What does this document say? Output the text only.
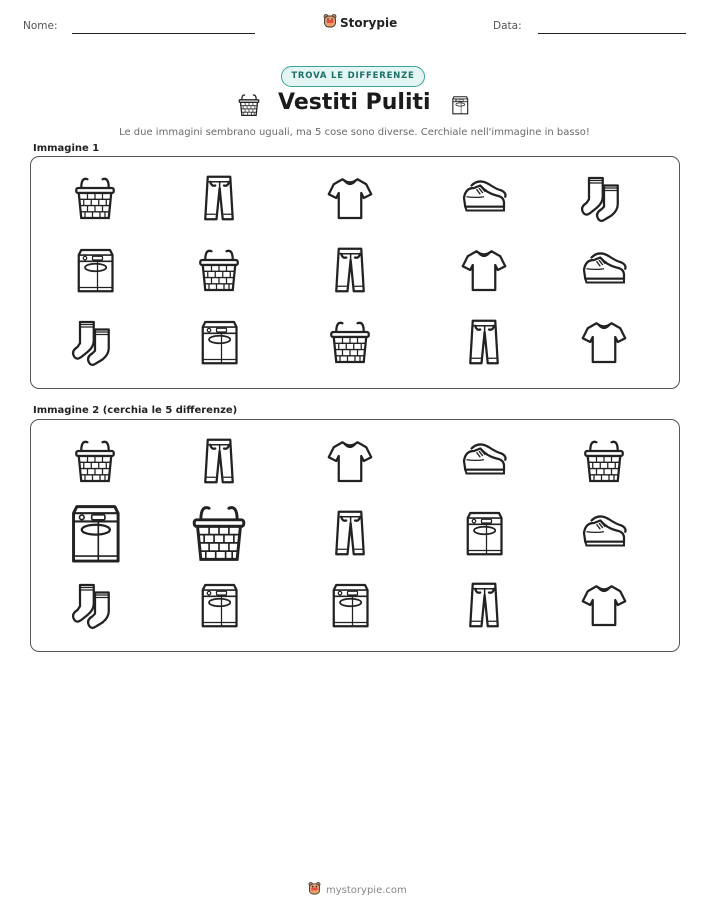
Nome:	Storypie	Data:
TROVA LE DIFFERENZE
Vestiti Puliti
Le due immagini sembrano uguali, ma 5 cose sono diverse. Cerchiale nell'immagine in basso!
Immagine 1
Immagine 2 (cerchia le 5 differenze)
mystorypie.com
